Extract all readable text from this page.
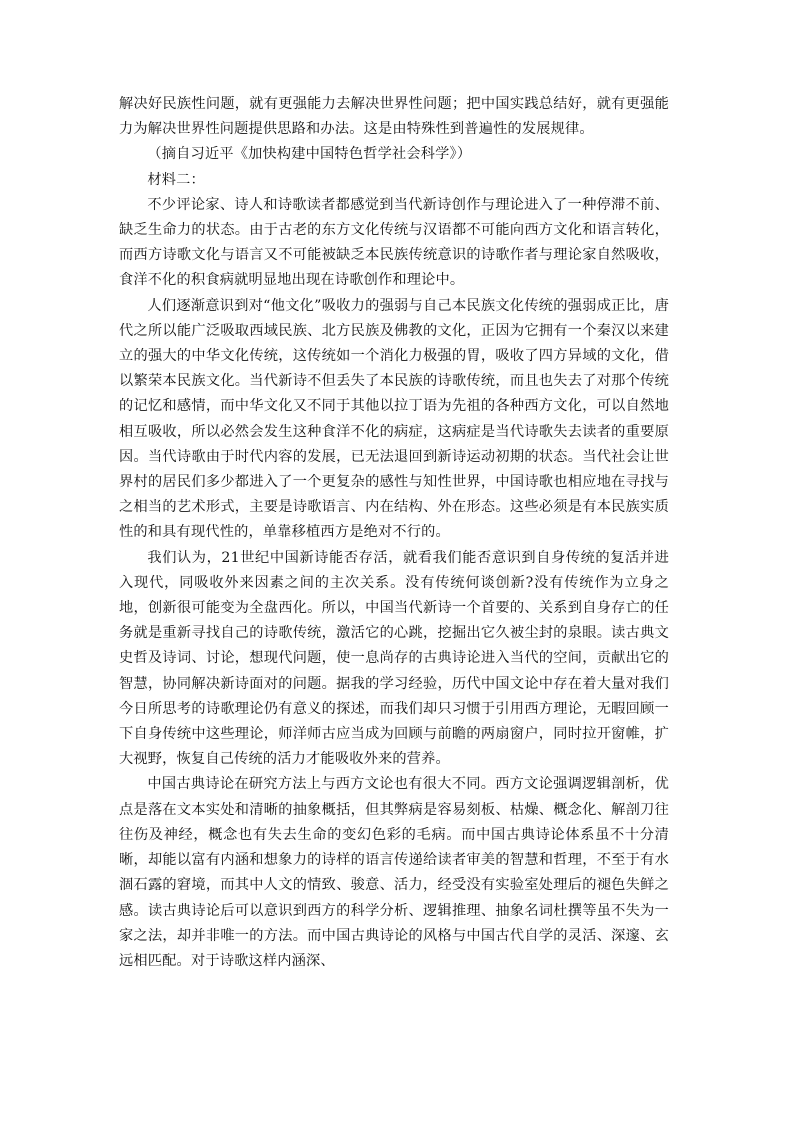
解决好民族性问题，就有更强能力去解决世界性问题；把中国实践总结好，就有更强能力为解决世界性问题提供思路和办法。这是由特殊性到普遍性的发展规律。

（摘自习近平《加快构建中国特色哲学社会科学》）

材料二：

不少评论家、诗人和诗歌读者都感觉到当代新诗创作与理论进入了一种停滞不前、缺乏生命力的状态。由于古老的东方文化传统与汉语都不可能向西方文化和语言转化，而西方诗歌文化与语言又不可能被缺乏本民族传统意识的诗歌作者与理论家自然吸收，食洋不化的积食病就明显地出现在诗歌创作和理论中。

人们逐渐意识到对“他文化”吸收力的强弱与自己本民族文化传统的强弱成正比，唐代之所以能广泛吸取西域民族、北方民族及佛教的文化，正因为它拥有一个秦汉以来建立的强大的中华文化传统，这传统如一个消化力极强的胃，吸收了四方异域的文化，借以繁荣本民族文化。当代新诗不但丢失了本民族的诗歌传统，而且也失去了对那个传统的记忆和感情，而中华文化又不同于其他以拉丁语为先祖的各种西方文化，可以自然地相互吸收，所以必然会发生这种食洋不化的病症，这病症是当代诗歌失去读者的重要原因。当代诗歌由于时代内容的发展，已无法退回到新诗运动初期的状态。当代社会让世界村的居民们多少都进入了一个更复杂的感性与知性世界，中国诗歌也相应地在寻找与之相当的艺术形式，主要是诗歌语言、内在结构、外在形态。这些必须是有本民族实质性的和具有现代性的，单靠移植西方是绝对不行的。

我们认为，21世纪中国新诗能否存活，就看我们能否意识到自身传统的复活并进入现代，同吸收外来因素之间的主次关系。没有传统何谈创新?没有传统作为立身之地，创新很可能变为全盘西化。所以，中国当代新诗一个首要的、关系到自身存亡的任务就是重新寻找自己的诗歌传统，激活它的心跳，挖掘出它久被尘封的泉眼。读古典文史哲及诗词、讨论，想现代问题，使一息尚存的古典诗论进入当代的空间，贡献出它的智慧，协同解决新诗面对的问题。据我的学习经验，历代中国文论中存在着大量对我们今日所思考的诗歌理论仍有意义的探述，而我们却只习惯于引用西方理论，无暇回顾一下自身传统中这些理论，师洋师古应当成为回顾与前瞻的两扇窗户，同时拉开窗帷，扩大视野，恢复自己传统的活力才能吸收外来的营养。

中国古典诗论在研究方法上与西方文论也有很大不同。西方文论强调逻辑剖析，优点是落在文本实处和清晰的抽象概括，但其弊病是容易刻板、枯燥、概念化、解剖刀往往伤及神经，概念也有失去生命的变幻色彩的毛病。而中国古典诗论体系虽不十分清晰，却能以富有内涵和想象力的诗样的语言传递给读者审美的智慧和哲理，不至于有水涸石露的窘境，而其中人文的情致、骏意、活力，经受没有实验室处理后的褪色失鲜之感。读古典诗论后可以意识到西方的科学分析、逻辑推理、抽象名词杜撰等虽不失为一家之法，却并非唯一的方法。而中国古典诗论的风格与中国古代自学的灵活、深邃、玄远相匹配。对于诗歌这样内涵深、
